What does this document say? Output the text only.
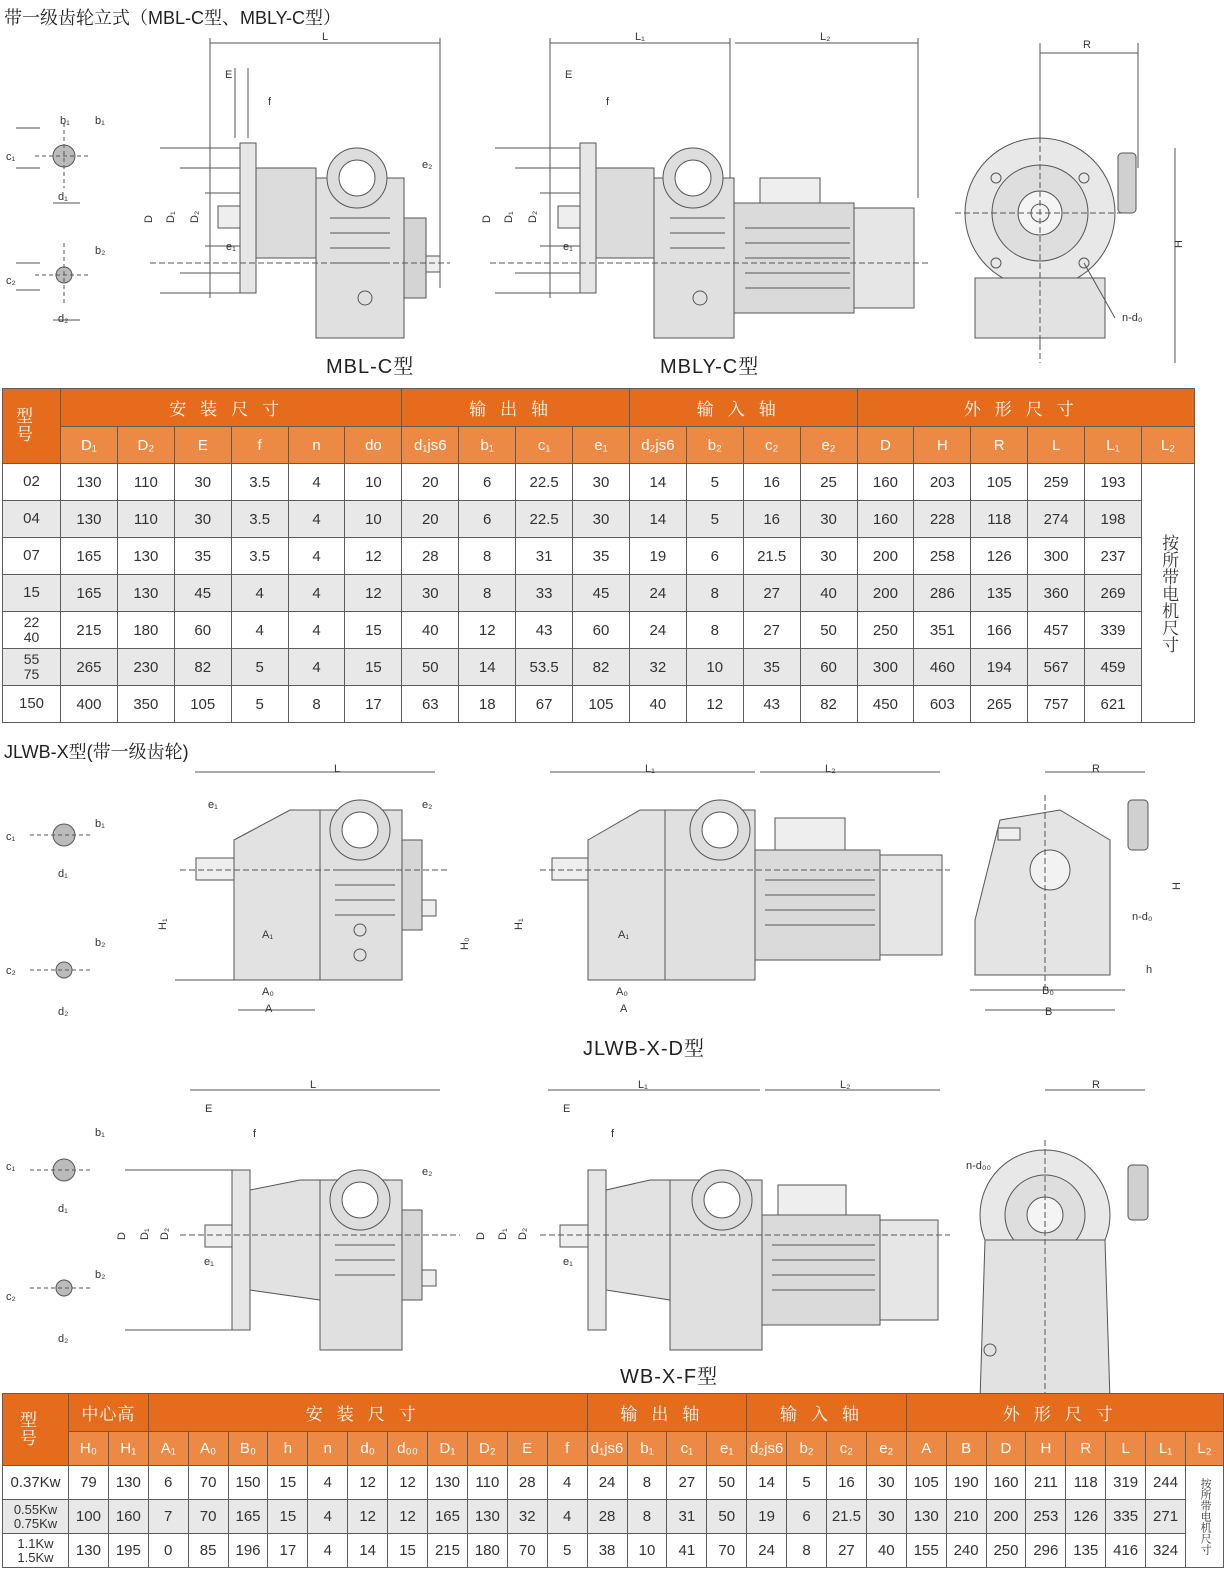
带一级齿轮立式（MBL-C型、MBLY-C型）
b₁ b₁
c₁
d₁
b₂
c₂
d₂
L
E
f
D D₁ D₂
e₁
e₂
L₁	L₂
E
f
D D₁ D₂
e₁
R
H
n-d₀
MBL-C型	MBLY-C型
型
号	安装尺寸						输出轴				输入轴				外形尺寸					
	D₁	D₂	E	f	n	do	d₁js6	b₁	c₁	e₁	d₂js6	b₂	c₂	e₂	D	H	R	L	L₁	L₂

02	130	110	30	3.5	4	10	20	6	22.5	30	14	5	16	25	160	203	105	259	193	按所带电机尺寸

04	130	110	30	3.5	4	10	20	6	22.5	30	14	5	16	30	160	228	118	274	198	

07	165	130	35	3.5	4	12	28	8	31	35	19	6	21.5	30	200	258	126	300	237	

15	165	130	45	4	4	12	30	8	33	45	24	8	27	40	200	286	135	360	269	

22
40	215	180	60	4	4	15	40	12	43	60	24	8	27	50	250	351	166	457	339	

55
75	265	230	82	5	4	15	50	14	53.5	82	32	10	35	60	300	460	194	567	459	

150	400	350	105	5	8	17	63	18	67	105	40	12	43	82	450	603	265	757	621	
JLWB-X型(带一级齿轮)
b₁
c₁
d₁
b₂
c₂
d₂
L
e₁	e₂
H₁
A₁
A₀
A
H₀
L₁	L₂
H₁
A₁
A₀
A
R
H
n-d₀
h
B₀
B
L
E
f
D D₁ D₂
e₁
e₂
b₁
c₁
d₁
b₂
c₂
d₂
L₁	L₂
E
f
D D₁ D₂
e₁
R
n-d₀₀
JLWB-X-D型
WB-X-F型
型
号	中心高		安装尺寸											输出轴				输入轴				外形尺寸							
	H₀	H₁	A₁	A₀	B₀	h	n	d₀	d₀₀	D₁	D₂	E	f	d₁js6	b₁	c₁	e₁	d₂js6	b₂	c₂	e₂	A	B	D	H	R	L	L₁	L₂

0.37Kw	79	130	6	70	150	15	4	12	12	130	110	28	4	24	8	27	50	14	5	16	30	105	190	160	211	118	319	244	按所带电机尺寸

0.55Kw
0.75Kw	100	160	7	70	165	15	4	12	12	165	130	32	4	28	8	31	50	19	6	21.5	30	130	210	200	253	126	335	271	

1.1Kw
1.5Kw	130	195	0	85	196	17	4	14	15	215	180	70	5	38	10	41	70	24	8	27	40	155	240	250	296	135	416	324	
